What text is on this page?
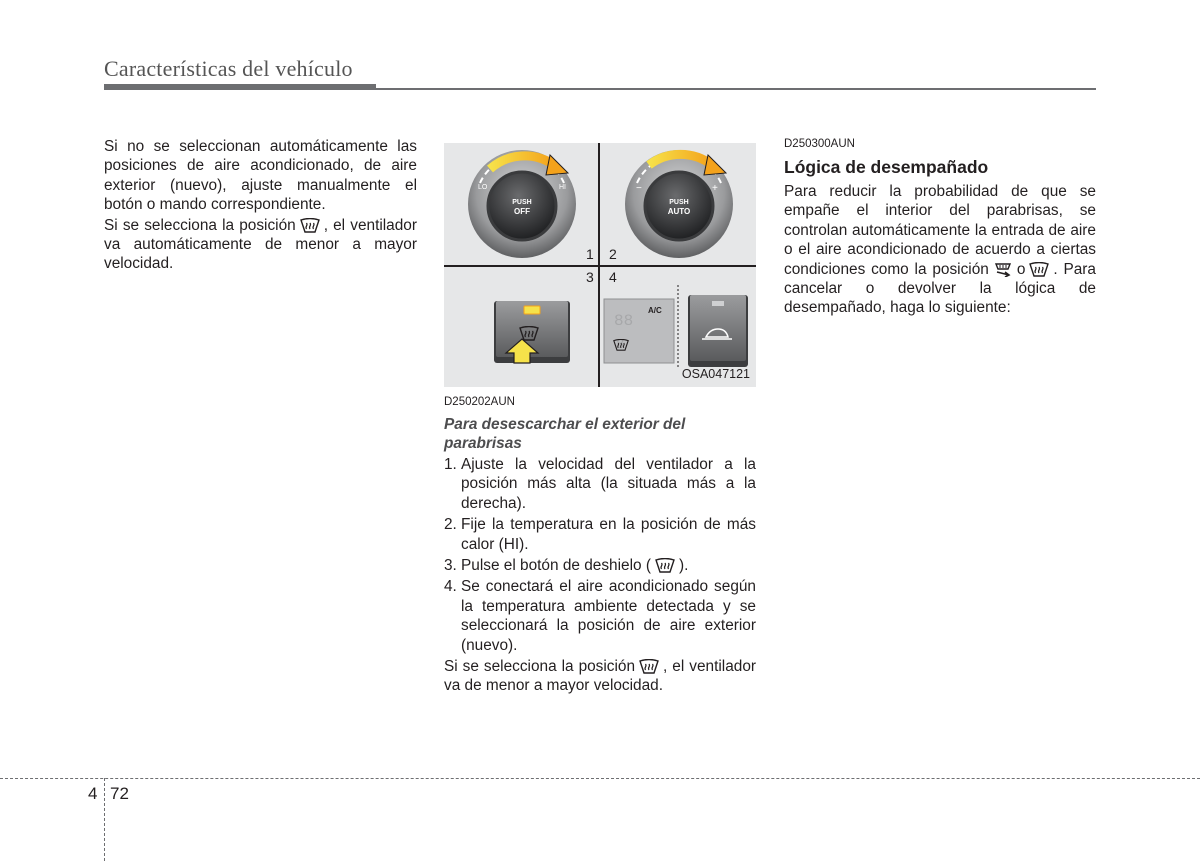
Características del vehículo

Si no se seleccionan automáticamente las posiciones de aire acondicionado, de aire exterior (nuevo), ajuste manualmente el botón o mando correspondiente.

Si se selecciona la posición , el ventilador va automáticamente de menor a mayor velocidad.

LO	HI
PUSH
OFF
−	+
PUSH
AUTO
88
8
A/C
1 2
3 4
OSA047121
D250202AUN
Para desescarchar el exterior del parabrisas
1. Ajuste la velocidad del ventilador a la posición más alta (la situada más a la derecha).
2. Fije la temperatura en la posición de más calor (HI).
3. Pulse el botón de deshielo ( ).
4. Se conectará el aire acondicionado según la temperatura ambiente detectada y se seleccionará la posición de aire exterior (nuevo).

Si se selecciona la posición , el ventilador va de menor a mayor velocidad.

D250300AUN
Lógica de desempañado

Para reducir la probabilidad de que se empañe el interior del parabrisas, se controlan automáticamente la entrada de aire o el aire acondicionado de acuerdo a ciertas condiciones como la posición o . Para cancelar o devolver la lógica de desempañado, haga lo siguiente:

4 72
